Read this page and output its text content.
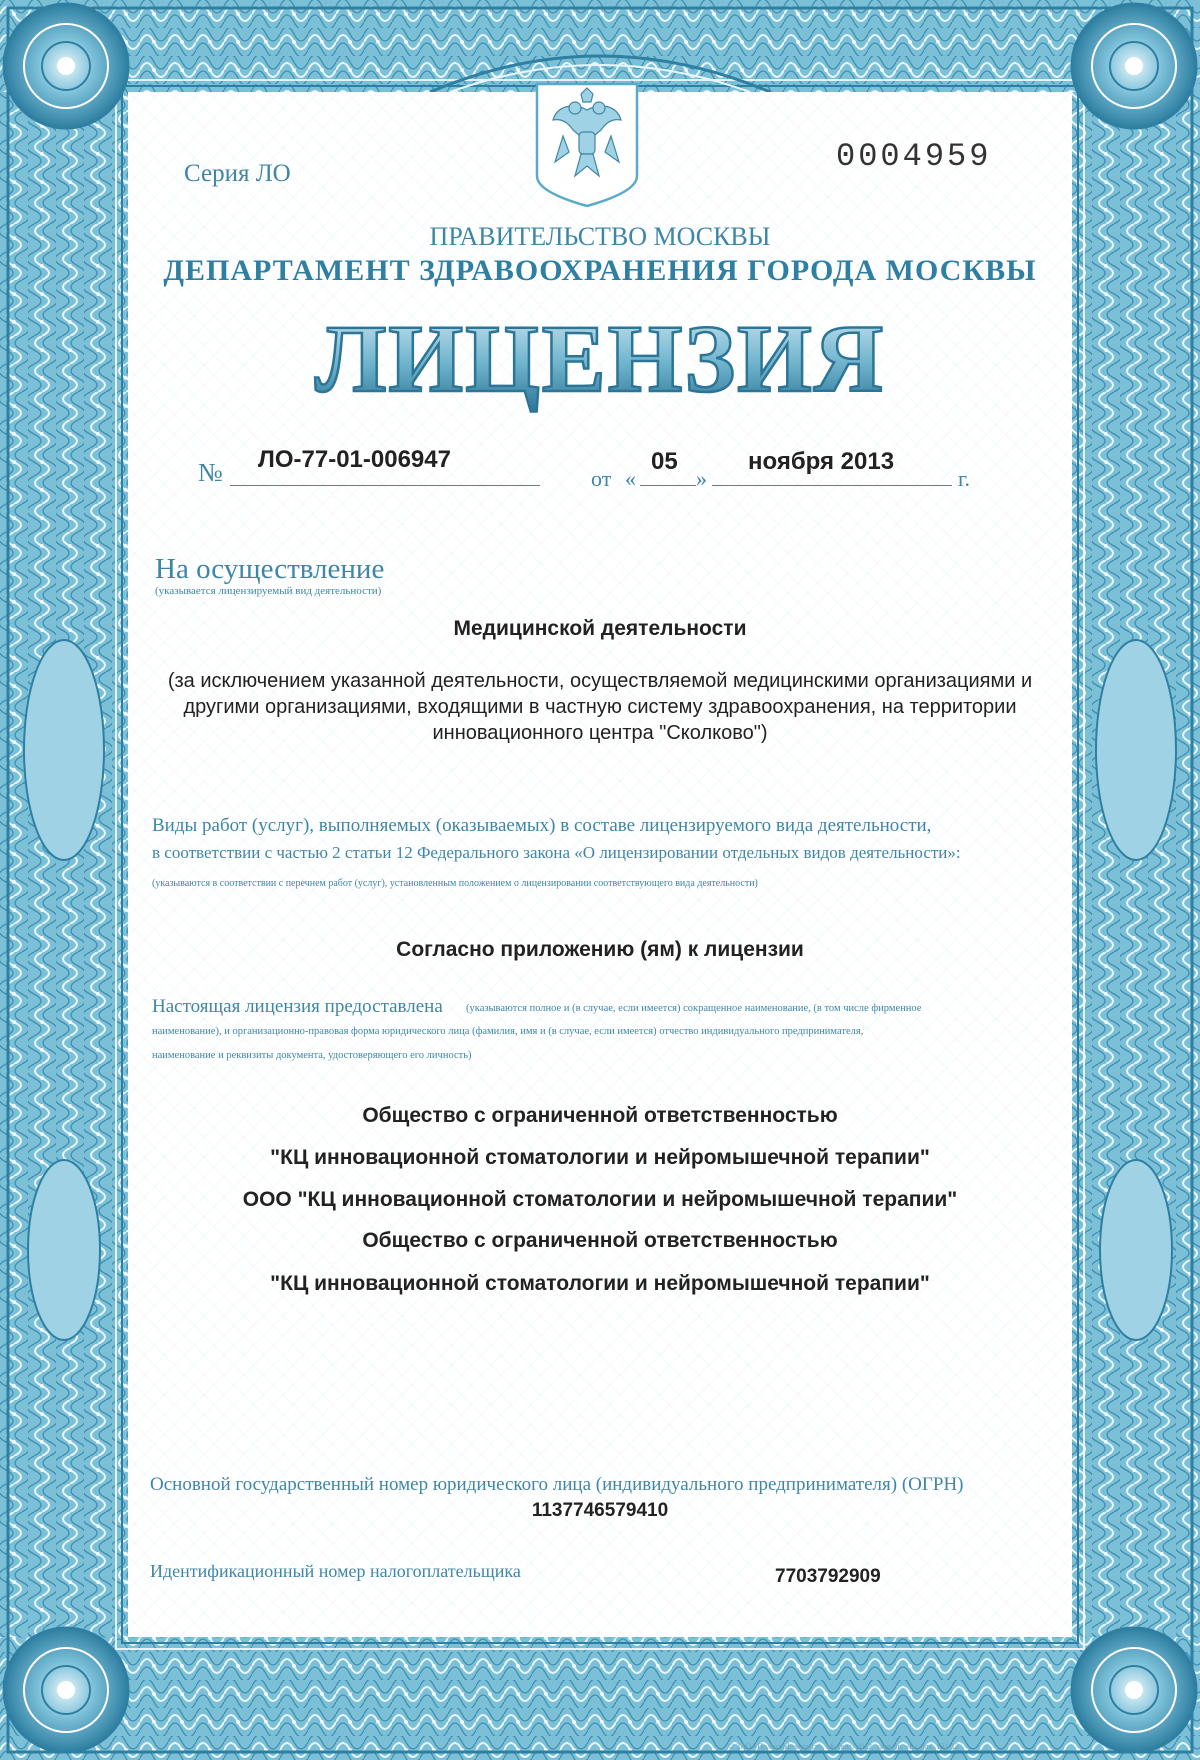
Серия ЛО	0004959
ПРАВИТЕЛЬСТВО МОСКВЫ
ДЕПАРТАМЕНТ ЗДРАВООХРАНЕНИЯ ГОРОДА МОСКВЫ
ЛИЦЕНЗИЯ
№ ЛО-77-01-006947
от «
05
»
ноября 2013
г.
На осуществление
(указывается лицензируемый вид деятельности)
Медицинской деятельности
(за исключением указанной деятельности, осуществляемой медицинскими организациями и другими организациями, входящими в частную систему здравоохранения, на территории инновационного центра "Сколково")
Виды работ (услуг), выполняемых (оказываемых) в составе лицензируемого вида деятельности,
в соответствии с частью 2 статьи 12 Федерального закона «О лицензировании отдельных видов деятельности»:
(указываются в соответствии с перечнем работ (услуг), установленным положением о лицензировании соответствующего вида деятельности)
Согласно приложению (ям) к лицензии
Настоящая лицензия предоставлена (указываются полное и (в случае, если имеется) сокращенное наименование, (в том числе фирменное
наименование), и организационно-правовая форма юридического лица (фамилия, имя и (в случае, если имеется) отчество индивидуального предпринимателя,
наименование и реквизиты документа, удостоверяющего его личность)
Общество с ограниченной ответственностью
"КЦ инновационной стоматологии и нейромышечной терапии"
ООО "КЦ инновационной стоматологии и нейромышечной терапии"
Общество с ограниченной ответственностью
"КЦ инновационной стоматологии и нейромышечной терапии"
Основной государственный номер юридического лица (индивидуального предпринимателя) (ОГРН)
1137746579410
Идентификационный номер налогоплательщика	7703792909
© ЗАО «Полиграф-защита», Москва, 2012, уровень «Б», зак. 131-12
